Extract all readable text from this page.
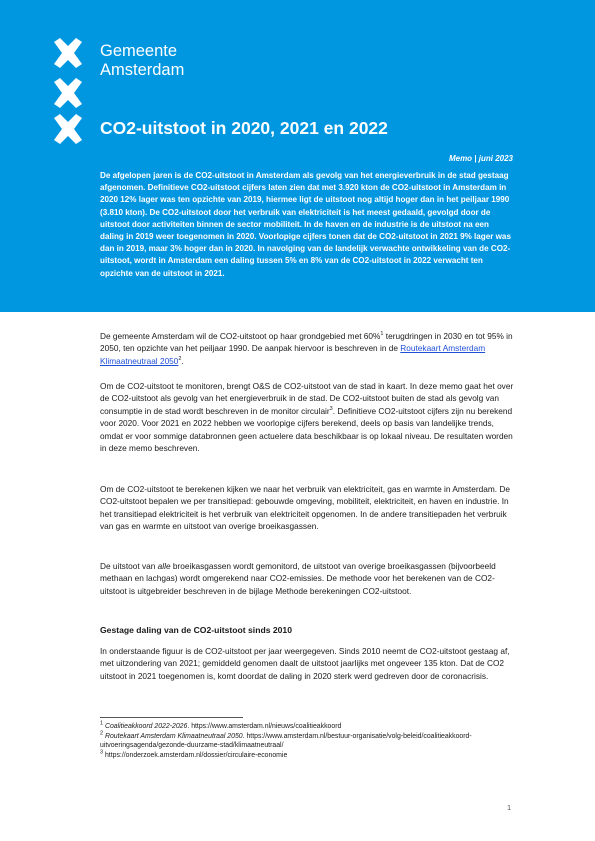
Gemeente
Amsterdam
CO2-uitstoot in 2020, 2021 en 2022
Memo | juni 2023

De afgelopen jaren is de CO2-uitstoot in Amsterdam als gevolg van het energieverbruik in de stad gestaag afgenomen. Definitieve CO2-uitstoot cijfers laten zien dat met 3.920 kton de CO2-uitstoot in Amsterdam in 2020 12% lager was ten opzichte van 2019, hiermee ligt de uitstoot nog altijd hoger dan in het peiljaar 1990 (3.810 kton). De CO2-uitstoot door het verbruik van elektriciteit is het meest gedaald, gevolgd door de uitstoot door activiteiten binnen de sector mobiliteit. In de haven en de industrie is de uitstoot na een daling in 2019 weer toegenomen in 2020. Voorlopige cijfers tonen dat de CO2-uitstoot in 2021 9% lager was dan in 2019, maar 3% hoger dan in 2020. In navolging van de landelijk verwachte ontwikkeling van de CO2-uitstoot, wordt in Amsterdam een daling tussen 5% en 8% van de CO2-uitstoot in 2022 verwacht ten opzichte van de uitstoot in 2021.

De gemeente Amsterdam wil de CO2-uitstoot op haar grondgebied met 60%$^1$ terugdringen in 2030 en tot 95% in 2050, ten opzichte van het peiljaar 1990. De aanpak hiervoor is beschreven in de Routekaart Amsterdam Klimaatneutraal 2050$^2$.

Om de CO2-uitstoot te monitoren, brengt O&S de CO2-uitstoot van de stad in kaart. In deze memo gaat het over de CO2-uitstoot als gevolg van het energieverbruik in de stad. De CO2-uitstoot buiten de stad als gevolg van consumptie in de stad wordt beschreven in de monitor circulair$^3$. Definitieve CO2-uitstoot cijfers zijn nu berekend voor 2020. Voor 2021 en 2022 hebben we voorlopige cijfers berekend, deels op basis van landelijke trends, omdat er voor sommige databronnen geen actuelere data beschikbaar is op lokaal niveau. De resultaten worden in deze memo beschreven.

Om de CO2-uitstoot te berekenen kijken we naar het verbruik van elektriciteit, gas en warmte in Amsterdam. De CO2-uitstoot bepalen we per transitiepad: gebouwde omgeving, mobiliteit, elektriciteit, en haven en industrie. In het transitiepad elektriciteit is het verbruik van elektriciteit opgenomen. In de andere transitiepaden het verbruik van gas en warmte en uitstoot van overige broeikasgassen.

De uitstoot van alle broeikasgassen wordt gemonitord, de uitstoot van overige broeikasgassen (bijvoorbeeld methaan en lachgas) wordt omgerekend naar CO2-emissies. De methode voor het berekenen van de CO2-uitstoot is uitgebreider beschreven in de bijlage Methode berekeningen CO2-uitstoot.

Gestage daling van de CO2-uitstoot sinds 2010

In onderstaande figuur is de CO2-uitstoot per jaar weergegeven. Sinds 2010 neemt de CO2-uitstoot gestaag af, met uitzondering van 2021; gemiddeld genomen daalt de uitstoot jaarlijks met ongeveer 135 kton. Dat de CO2 uitstoot in 2021 toegenomen is, komt doordat de daling in 2020 sterk werd gedreven door de coronacrisis.

$^1$ Coalitieakkoord 2022-2026. https://www.amsterdam.nl/nieuws/coalitieakkoord

$^2$ Routekaart Amsterdam Klimaatneutraal 2050. https://www.amsterdam.nl/bestuur-organisatie/volg-beleid/coalitieakkoord-uitvoeringsagenda/gezonde-duurzame-stad/klimaatneutraal/

$^3$ https://onderzoek.amsterdam.nl/dossier/circulaire-economie

1
